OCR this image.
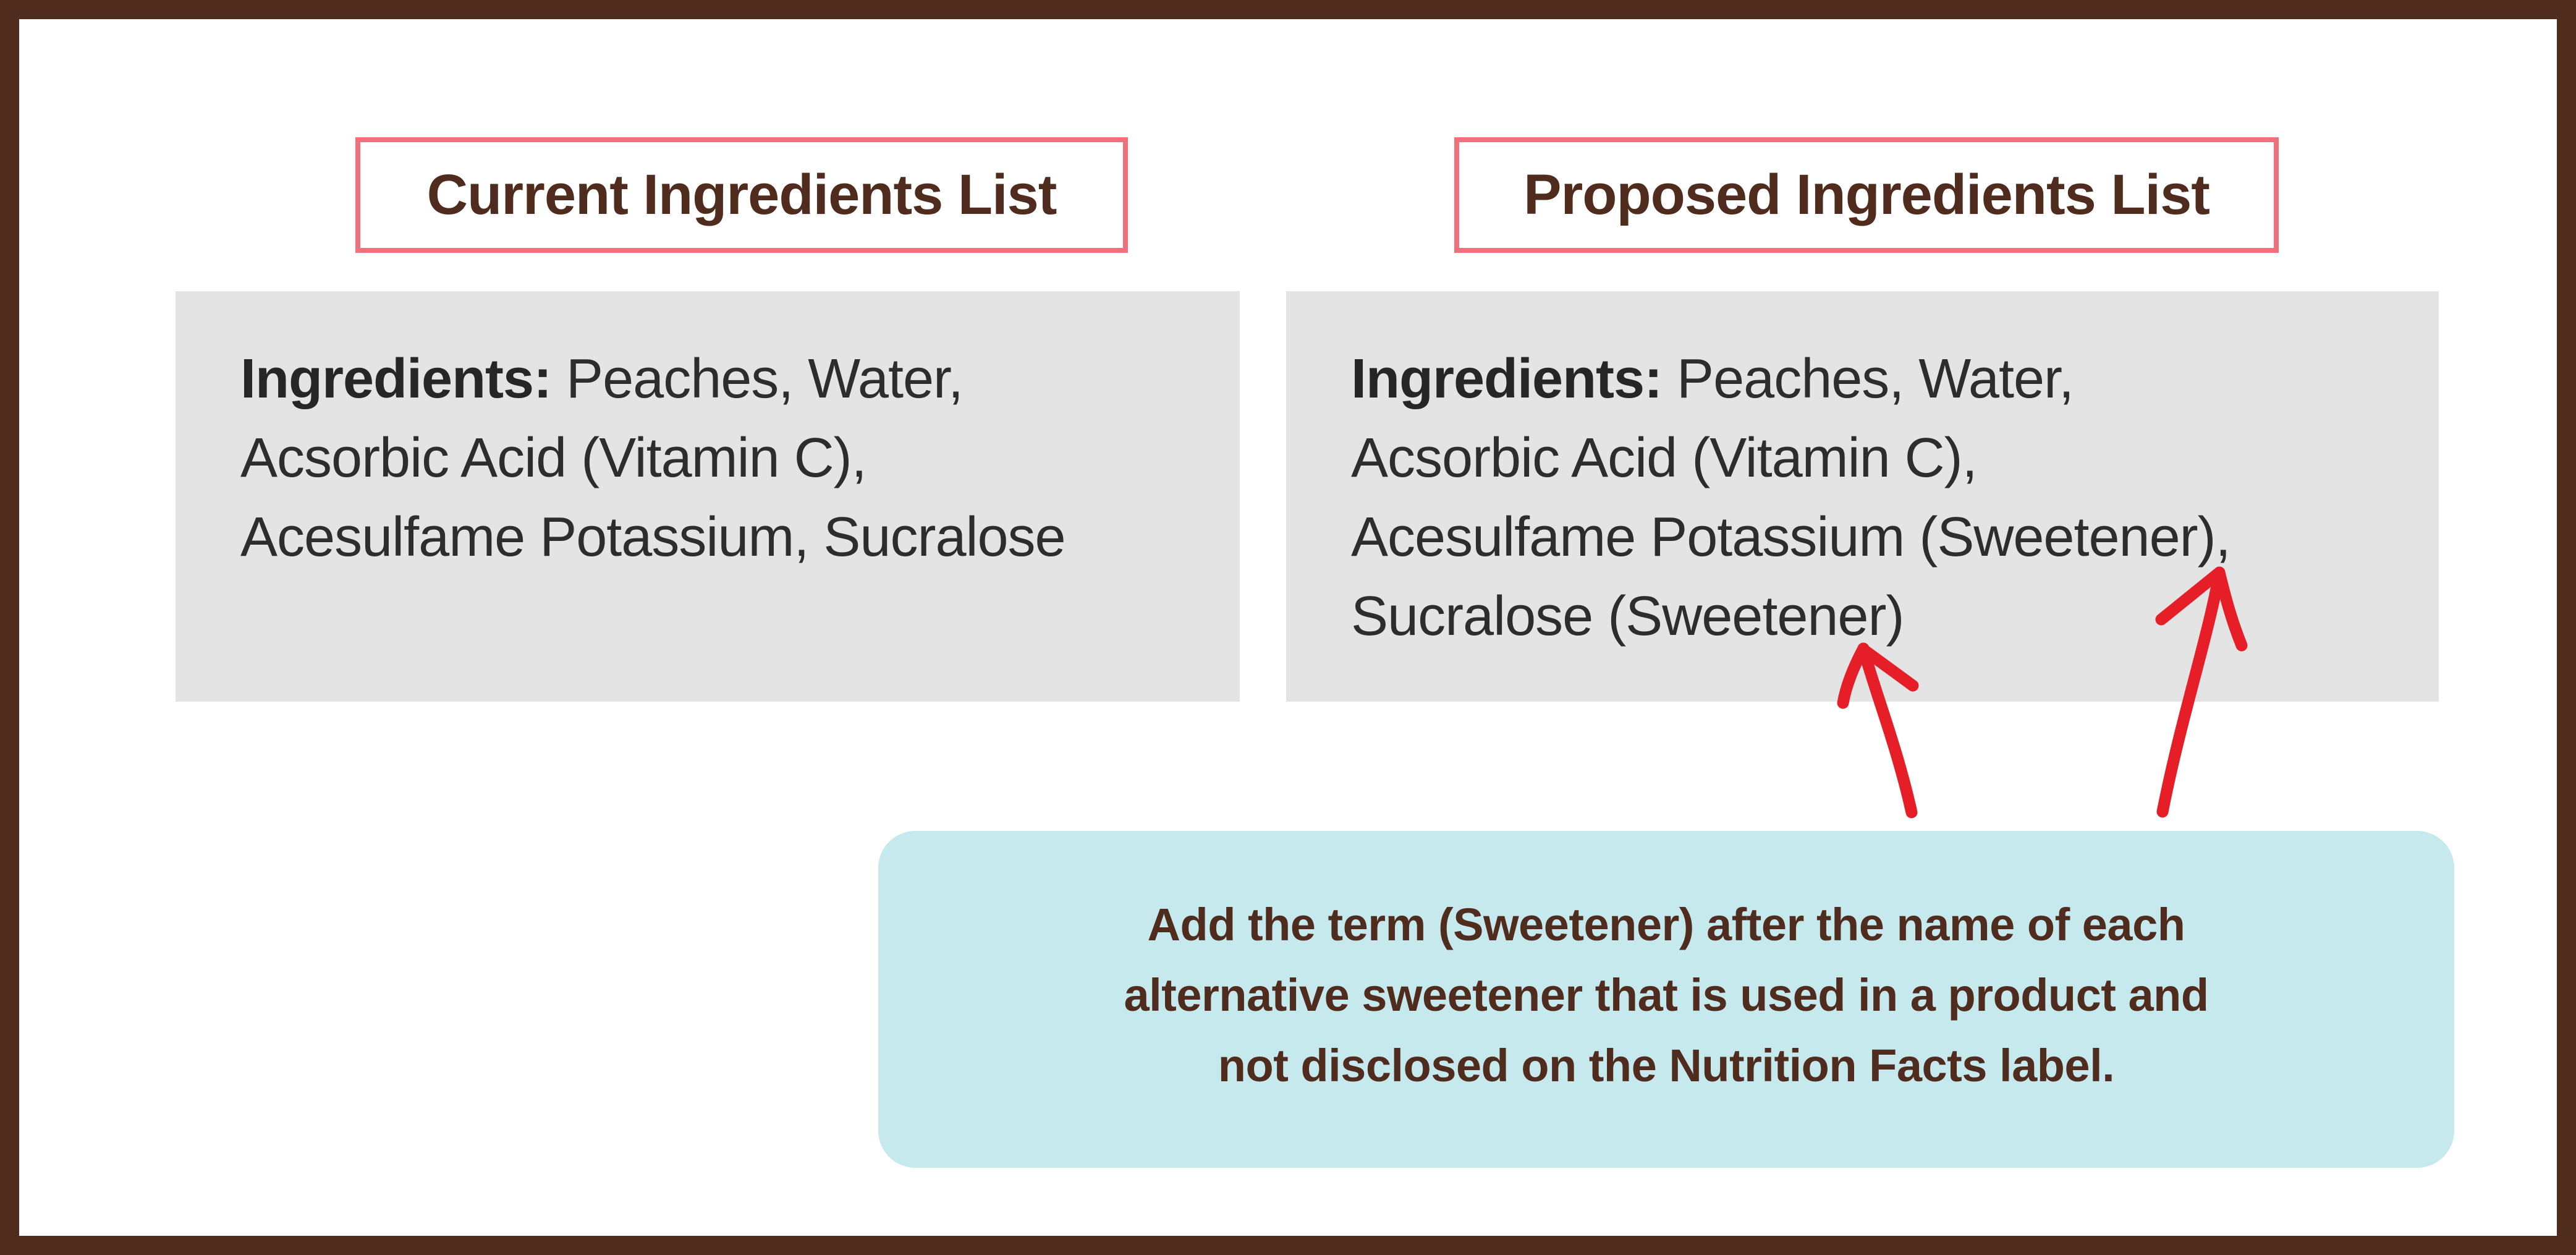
Current Ingredients List	Proposed Ingredients List
Ingredients: Peaches, Water,
Acsorbic Acid (Vitamin C),
Acesulfame Potassium, Sucralose
Ingredients: Peaches, Water,
Acsorbic Acid (Vitamin C),
Acesulfame Potassium (Sweetener),
Sucralose (Sweetener)
Add the term (Sweetener) after the name of each
alternative sweetener that is used in a product and
not disclosed on the Nutrition Facts label.
